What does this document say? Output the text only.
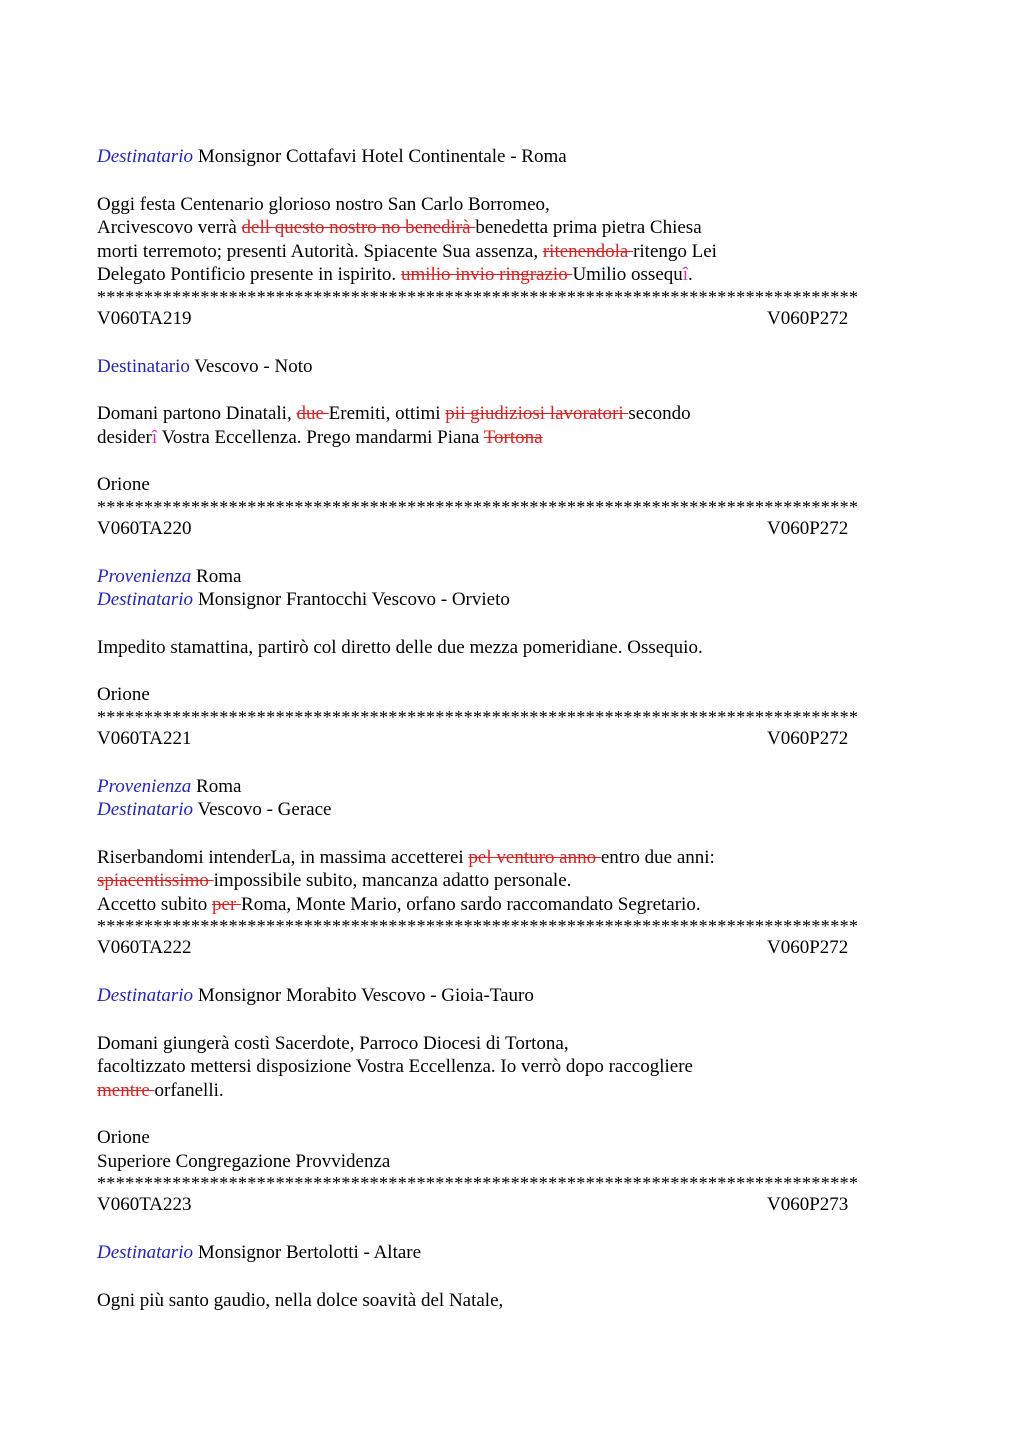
Destinatario Monsignor Cottafavi Hotel Continentale - Roma
Oggi festa Centenario glorioso nostro San Carlo Borromeo,
Arcivescovo verrà dell questo nostro no benedirà benedetta prima pietra Chiesa
morti terremoto; presenti Autorità. Spiacente Sua assenza, ritenendola ritengo Lei
Delegato Pontificio presente in ispirito. umilio invio ringrazio Umilio ossequî.
*********************************************************************************
V060TA219	V060P272
Destinatario Vescovo - Noto
Domani partono Dinatali, due Eremiti, ottimi pii giudiziosi lavoratori secondo
desiderî Vostra Eccellenza. Prego mandarmi Piana Tortona
Orione
*********************************************************************************
V060TA220	V060P272
Provenienza Roma
Destinatario Monsignor Frantocchi Vescovo - Orvieto
Impedito stamattina, partirò col diretto delle due mezza pomeridiane. Ossequio.
Orione
*********************************************************************************
V060TA221	V060P272
Provenienza Roma
Destinatario Vescovo - Gerace
Riserbandomi intenderLa, in massima accetterei pel venturo anno entro due anni:
spiacentissimo impossibile subito, mancanza adatto personale.
Accetto subito per Roma, Monte Mario, orfano sardo raccomandato Segretario.
*********************************************************************************
V060TA222	V060P272
Destinatario Monsignor Morabito Vescovo - Gioia-Tauro
Domani giungerà costì Sacerdote, Parroco Diocesi di Tortona,
facoltizzato mettersi disposizione Vostra Eccellenza. Io verrò dopo raccogliere
mentre orfanelli.
Orione
Superiore Congregazione Provvidenza
*********************************************************************************
V060TA223	V060P273
Destinatario Monsignor Bertolotti - Altare
Ogni più santo gaudio, nella dolce soavità del Natale,
